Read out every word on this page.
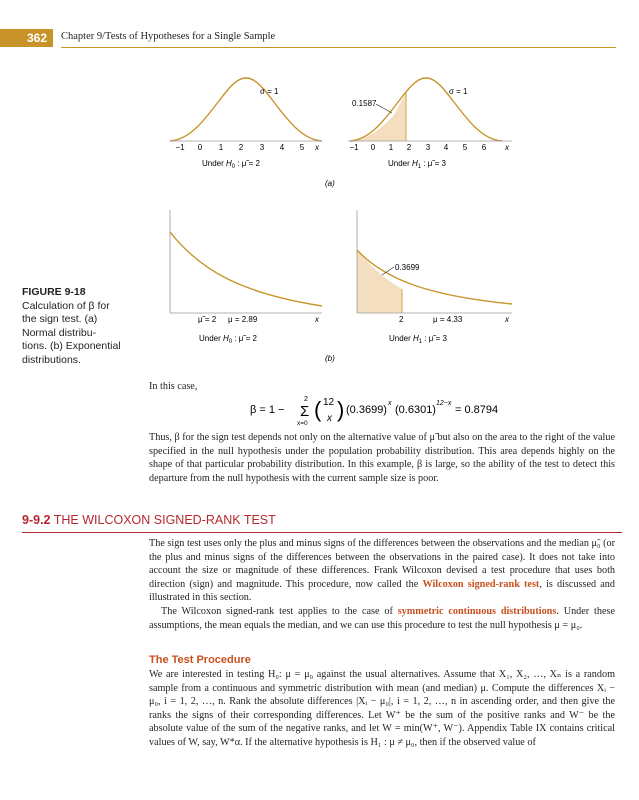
362	Chapter 9/Tests of Hypotheses for a Single Sample
σ = 1
−1 0 1 2 3 4 5 x
Under $H_0$ : μ̃ = 2
0.1587
σ = 1
−1 0 1 2 3 4 5 6 x
Under $H_1$ : μ̃ = 3
(a)
μ̃ = 2 μ = 2.89	x
Under $H_0$ : μ̃ = 2
0.3699
2	μ = 4.33	x
Under $H_1$ : μ̃ = 3
(b)
FIGURE 9-18
Calculation of β for
the sign test. (a)
Normal distribu-
tions. (b) Exponential
distributions.
In this case,
β = 1 −
2
Σ
x=0
( 12
x ) (0.3699)
x
(0.6301)
12−x
= 0.8794
Thus, β for the sign test depends not only on the alternative value of μ̃ but also on the area to the right of the value specified in the null hypothesis under the population probability distribution. This area depends highly on the shape of that particular probability distribution. In this example, β is large, so the ability of the test to detect this departure from the null hypothesis with the current sample size is poor.
9-9.2 THE WILCOXON SIGNED-RANK TEST
The sign test uses only the plus and minus signs of the differences between the observations and the median μ̃₀ (or the plus and minus signs of the differences between the observations in the paired case). It does not take into account the size or magnitude of these differences. Frank Wilcoxon devised a test procedure that uses both direction (sign) and magnitude. This procedure, now called the Wilcoxon signed-rank test, is discussed and illustrated in this section.
The Wilcoxon signed-rank test applies to the case of symmetric continuous distributions. Under these assumptions, the mean equals the median, and we can use this procedure to test the null hypothesis μ = μ₀.
The Test Procedure
We are interested in testing H₀: μ = μ₀ against the usual alternatives. Assume that X₁, X₂, …, Xₙ is a random sample from a continuous and symmetric distribution with mean (and median) μ. Compute the differences Xᵢ − μ₀, i = 1, 2, …, n. Rank the absolute differences |Xᵢ − μ₀|, i = 1, 2, …, n in ascending order, and then give the ranks the signs of their corresponding differences. Let W⁺ be the sum of the positive ranks and W⁻ be the absolute value of the sum of the negative ranks, and let W = min(W⁺, W⁻). Appendix Table IX contains critical values of W, say, W*α. If the alternative hypothesis is H₁ : μ ≠ μ₀, then if the observed value of
